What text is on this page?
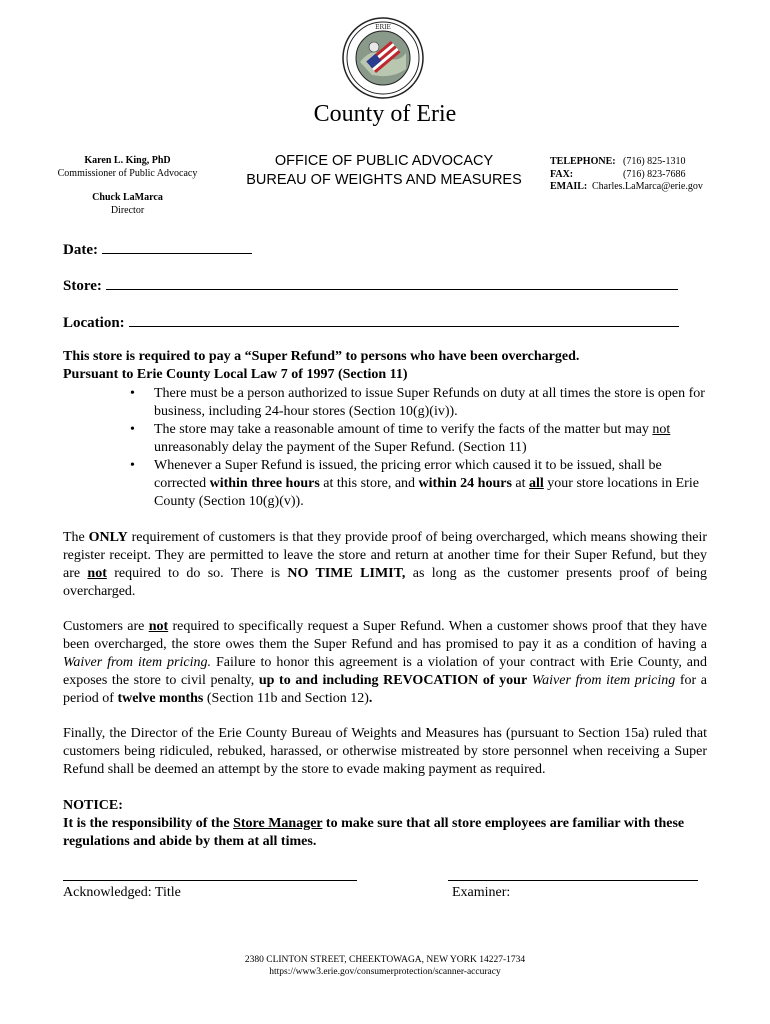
ERIE
County of Erie
Karen L. King, PhD
Commissioner of Public Advocacy
Chuck LaMarca
Director
OFFICE OF PUBLIC ADVOCACY
BUREAU OF WEIGHTS AND MEASURES
TELEPHONE: (716) 825-1310
FAX:	(716) 823-7686
EMAIL: Charles.LaMarca@erie.gov
Date:
Store:
Location:
This store is required to pay a “Super Refund” to persons who have been overcharged.
Pursuant to Erie County Local Law 7 of 1997 (Section 11)
• There must be a person authorized to issue Super Refunds on duty at all times the store is open for business, including 24-hour stores (Section 10(g)(iv)).
• The store may take a reasonable amount of time to verify the facts of the matter but may not unreasonably delay the payment of the Super Refund. (Section 11)
• Whenever a Super Refund is issued, the pricing error which caused it to be issued, shall be corrected within three hours at this store, and within 24 hours at all your store locations in Erie County (Section 10(g)(v)).
The ONLY requirement of customers is that they provide proof of being overcharged, which means showing their register receipt. They are permitted to leave the store and return at another time for their Super Refund, but they are not required to do so. There is NO TIME LIMIT, as long as the customer presents proof of being overcharged.
Customers are not required to specifically request a Super Refund. When a customer shows proof that they have been overcharged, the store owes them the Super Refund and has promised to pay it as a condition of having a Waiver from item pricing. Failure to honor this agreement is a violation of your contract with Erie County, and exposes the store to civil penalty, up to and including REVOCATION of your Waiver from item pricing for a period of twelve months (Section 11b and Section 12).
Finally, the Director of the Erie County Bureau of Weights and Measures has (pursuant to Section 15a) ruled that customers being ridiculed, rebuked, harassed, or otherwise mistreated by store personnel when receiving a Super Refund shall be deemed an attempt by the store to evade making payment as required.
NOTICE:
It is the responsibility of the Store Manager to make sure that all store employees are familiar with these regulations and abide by them at all times.
Acknowledged: Title	Examiner:
2380 CLINTON STREET, CHEEKTOWAGA, NEW YORK 14227-1734
https://www3.erie.gov/consumerprotection/scanner-accuracy
